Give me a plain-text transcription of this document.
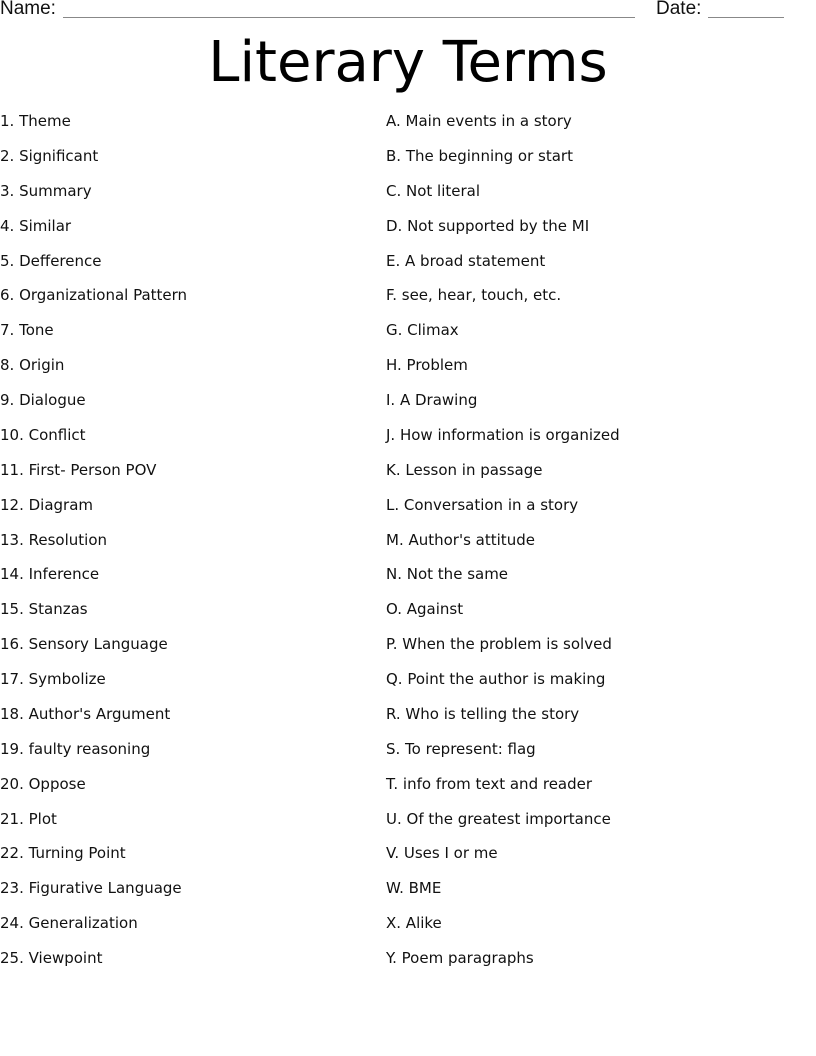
Name:	Date:
Literary Terms
1. Theme
2. Significant
3. Summary
4. Similar
5. Defference
6. Organizational Pattern
7. Tone
8. Origin
9. Dialogue
10. Conflict
11. First- Person POV
12. Diagram
13. Resolution
14. Inference
15. Stanzas
16. Sensory Language
17. Symbolize
18. Author's Argument
19. faulty reasoning
20. Oppose
21. Plot
22. Turning Point
23. Figurative Language
24. Generalization
25. Viewpoint
A. Main events in a story
B. The beginning or start
C. Not literal
D. Not supported by the MI
E. A broad statement
F. see, hear, touch, etc.
G. Climax
H. Problem
I. A Drawing
J. How information is organized
K. Lesson in passage
L. Conversation in a story
M. Author's attitude
N. Not the same
O. Against
P. When the problem is solved
Q. Point the author is making
R. Who is telling the story
S. To represent: flag
T. info from text and reader
U. Of the greatest importance
V. Uses I or me
W. BME
X. Alike
Y. Poem paragraphs
